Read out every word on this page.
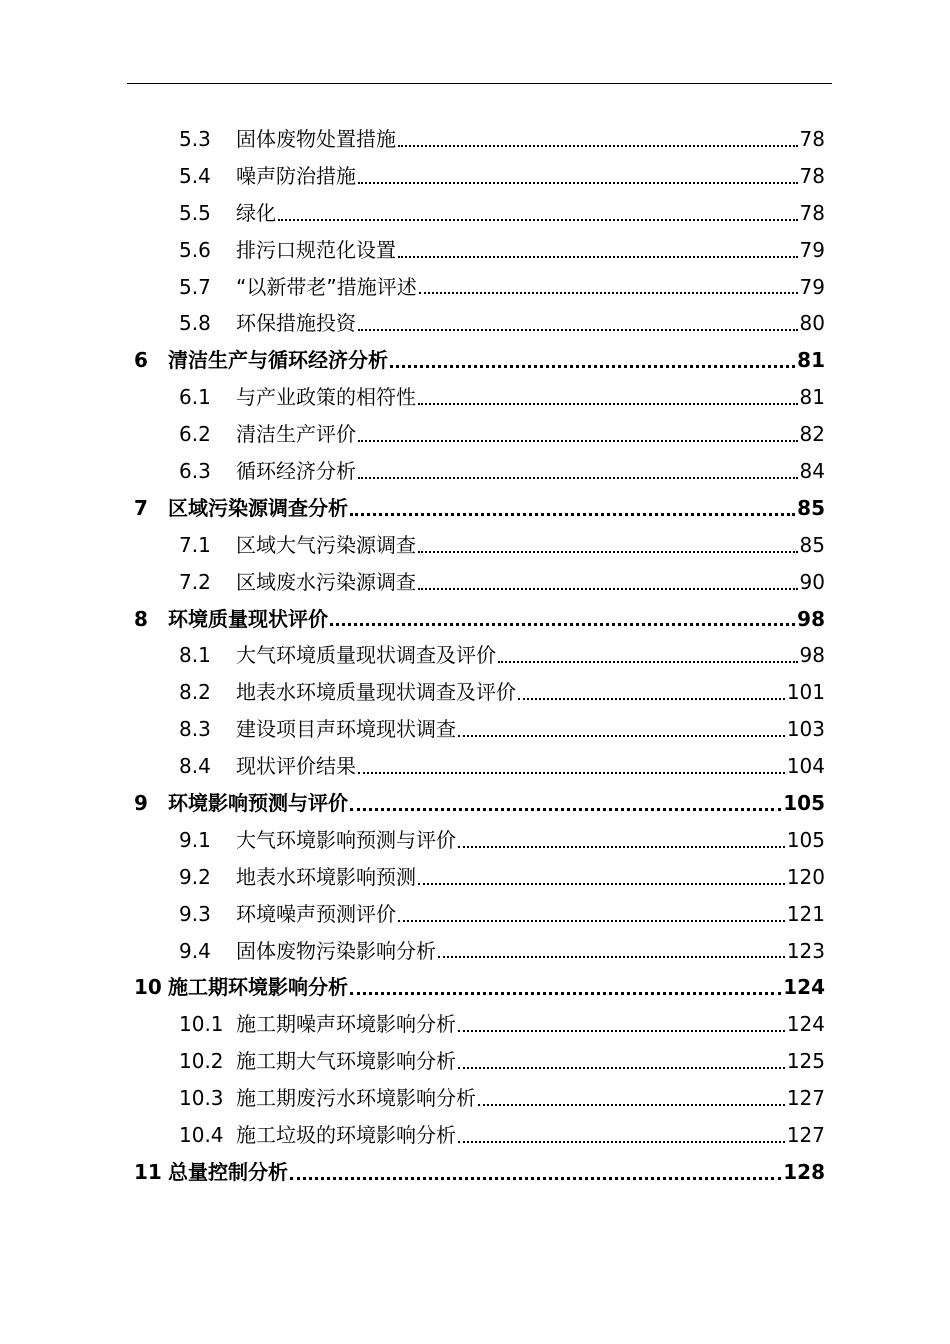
5.3 固体废物处置措施	78
5.4 噪声防治措施	78
5.5 绿化	78
5.6 排污口规范化设置	79
5.7 “以新带老”措施评述	79
5.8 环保措施投资	80
6 清洁生产与循环经济分析	81
6.1 与产业政策的相符性	81
6.2 清洁生产评价	82
6.3 循环经济分析	84
7 区域污染源调查分析	85
7.1 区域大气污染源调查	85
7.2 区域废水污染源调查	90
8 环境质量现状评价	98
8.1 大气环境质量现状调查及评价	98
8.2 地表水环境质量现状调查及评价	101
8.3 建设项目声环境现状调查	103
8.4 现状评价结果	104
9 环境影响预测与评价	105
9.1 大气环境影响预测与评价	105
9.2 地表水环境影响预测	120
9.3 环境噪声预测评价	121
9.4 固体废物污染影响分析	123
10 施工期环境影响分析	124
10.1 施工期噪声环境影响分析	124
10.2 施工期大气环境影响分析	125
10.3 施工期废污水环境影响分析	127
10.4 施工垃圾的环境影响分析	127
11 总量控制分析	128
